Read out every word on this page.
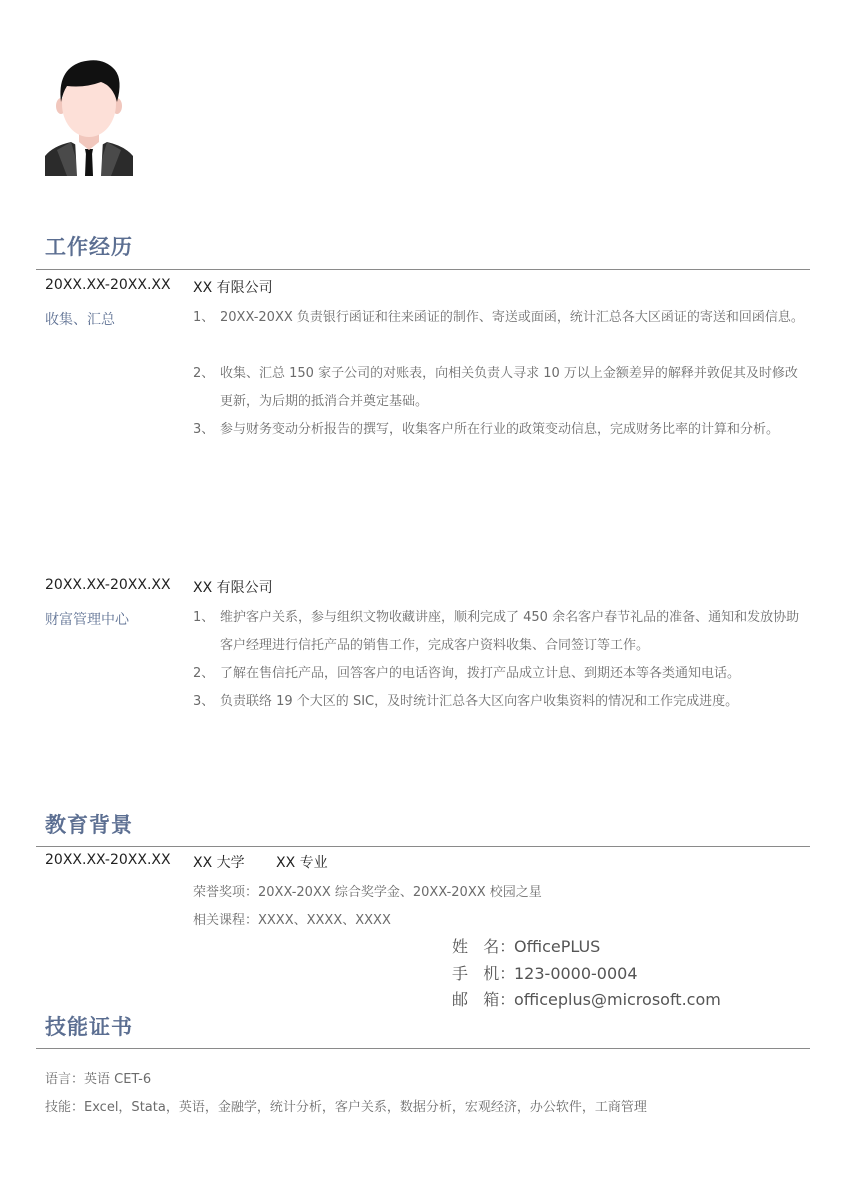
工作经历
20XX.XX-20XX.XX XX 有限公司
收集、汇总	1、 20XX-20XX 负责银行函证和往来函证的制作、寄送或面函，统计汇总各大区函证的寄送和回函信息。
2、 收集、汇总 150 家子公司的对账表，向相关负责人寻求 10 万以上金额差异的解释并敦促其及时修改更新，为后期的抵消合并奠定基础。
3、 参与财务变动分析报告的撰写，收集客户所在行业的政策变动信息，完成财务比率的计算和分析。
20XX.XX-20XX.XX XX 有限公司
财富管理中心	1、 维护客户关系，参与组织文物收藏讲座，顺利完成了 450 余名客户春节礼品的准备、通知和发放协助客户经理进行信托产品的销售工作，完成客户资料收集、合同签订等工作。
2、 了解在售信托产品，回答客户的电话咨询，拨打产品成立计息、到期还本等各类通知电话。
3、 负责联络 19 个大区的 SIC，及时统计汇总各大区向客户收集资料的情况和工作完成进度。
教育背景
20XX.XX-20XX.XX XX 大学 XX 专业
荣誉奖项：20XX-20XX 综合奖学金、20XX-20XX 校园之星
相关课程：XXXX、XXXX、XXXX
姓   名：OfficePLUS
手   机：123-0000-0004
邮   箱：officeplus@microsoft.com
技能证书
语言：英语 CET-6
技能：Excel，Stata，英语，金融学，统计分析，客户关系，数据分析，宏观经济，办公软件，工商管理
